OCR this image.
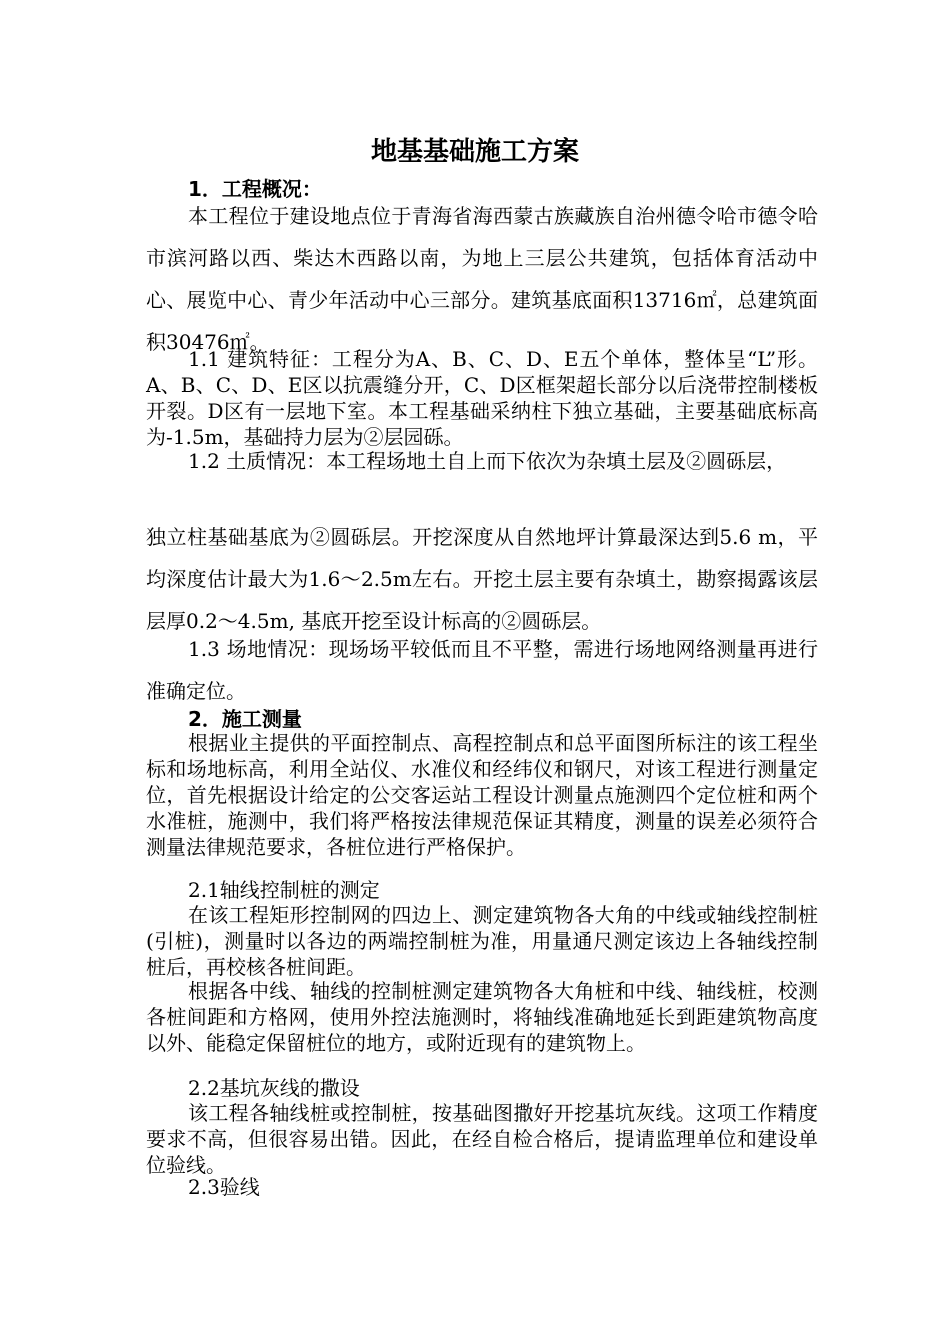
地基基础施工方案
1．工程概况：

本工程位于建设地点位于青海省海西蒙古族藏族自治州德令哈市德令哈市滨河路以西、柴达木西路以南，为地上三层公共建筑，包括体育活动中心、展览中心、青少年活动中心三部分。建筑基底面积13716㎡，总建筑面积30476㎡。

1.1 建筑特征：工程分为A、B、C、D、E五个单体，整体呈“L”形。A、B、C、D、E区以抗震缝分开，C、D区框架超长部分以后浇带控制楼板开裂。D区有一层地下室。本工程基础采纳柱下独立基础，主要基础底标高为-1.5m，基础持力层为②层园砾。

1.2 土质情况：本工程场地土自上而下依次为杂填土层及②圆砾层，

独立柱基础基底为②圆砾层。开挖深度从自然地坪计算最深达到5.6 m，平均深度估计最大为1.6～2.5m左右。开挖土层主要有杂填土，勘察揭露该层层厚0.2～4.5m, 基底开挖至设计标高的②圆砾层。

1.3 场地情况：现场场平较低而且不平整，需进行场地网络测量再进行准确定位。

2．施工测量

根据业主提供的平面控制点、高程控制点和总平面图所标注的该工程坐标和场地标高，利用全站仪、水准仪和经纬仪和钢尺，对该工程进行测量定位，首先根据设计给定的公交客运站工程设计测量点施测四个定位桩和两个水准桩，施测中，我们将严格按法律规范保证其精度，测量的误差必须符合测量法律规范要求，各桩位进行严格保护。

2.1轴线控制桩的测定

在该工程矩形控制网的四边上、测定建筑物各大角的中线或轴线控制桩(引桩)，测量时以各边的两端控制桩为准，用量通尺测定该边上各轴线控制桩后，再校核各桩间距。

根据各中线、轴线的控制桩测定建筑物各大角桩和中线、轴线桩，校测各桩间距和方格网，使用外控法施测时，将轴线准确地延长到距建筑物高度以外、能稳定保留桩位的地方，或附近现有的建筑物上。

2.2基坑灰线的撒设

该工程各轴线桩或控制桩，按基础图撒好开挖基坑灰线。这项工作精度要求不高，但很容易出错。因此，在经自检合格后，提请监理单位和建设单位验线。

2.3验线
